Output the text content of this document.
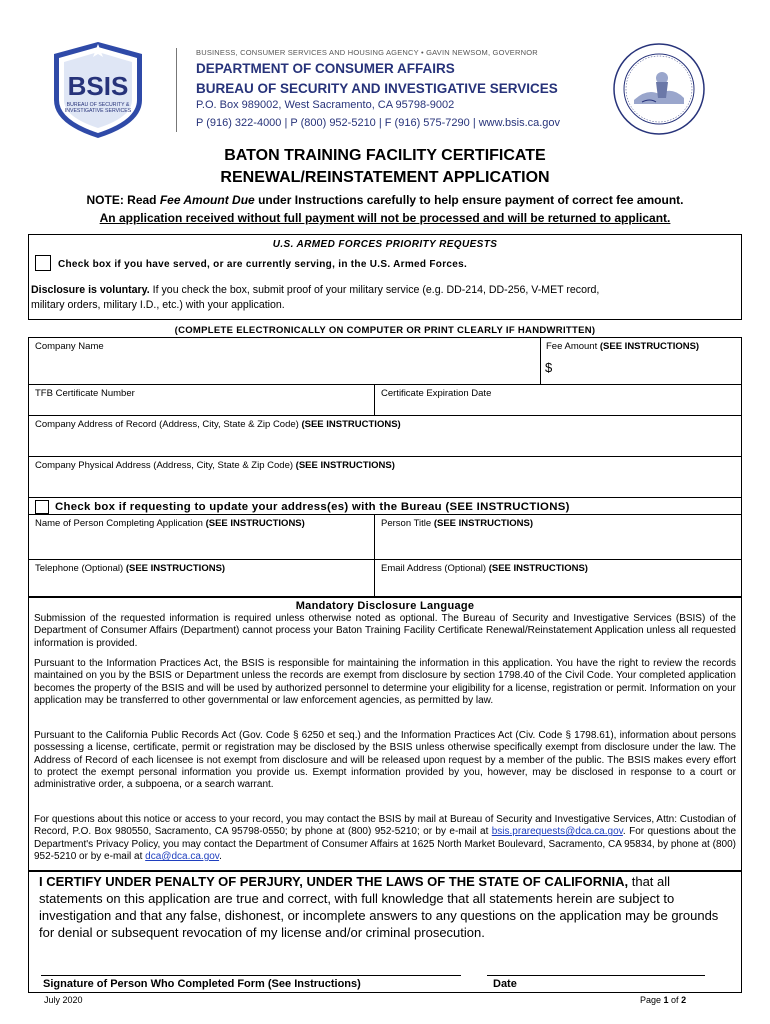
BSIS
BUREAU OF SECURITY &
INVESTIGATIVE SERVICES
BUSINESS, CONSUMER SERVICES AND HOUSING AGENCY • GAVIN NEWSOM, GOVERNOR
DEPARTMENT OF CONSUMER AFFAIRS
BUREAU OF SECURITY AND INVESTIGATIVE SERVICES
P.O. Box 989002, West Sacramento, CA 95798-9002
P (916) 322-4000 | P (800) 952-5210 | F (916) 575-7290 | www.bsis.ca.gov
BATON TRAINING FACILITY CERTIFICATE
RENEWAL/REINSTATEMENT APPLICATION
NOTE: Read Fee Amount Due under Instructions carefully to help ensure payment of correct fee amount.
An application received without full payment will not be processed and will be returned to applicant.
U.S. ARMED FORCES PRIORITY REQUESTS
Check box if you have served, or are currently serving, in the U.S. Armed Forces.
Disclosure is voluntary. If you check the box, submit proof of your military service (e.g. DD-214, DD-256, V-MET record,
military orders, military I.D., etc.) with your application.
(COMPLETE ELECTRONICALLY ON COMPUTER OR PRINT CLEARLY IF HANDWRITTEN)
Company Name	Fee Amount (SEE INSTRUCTIONS)
$
TFB Certificate Number	Certificate Expiration Date
Company Address of Record (Address, City, State & Zip Code) (SEE INSTRUCTIONS)
Company Physical Address (Address, City, State & Zip Code) (SEE INSTRUCTIONS)
Check box if requesting to update your address(es) with the Bureau (SEE INSTRUCTIONS)
Name of Person Completing Application (SEE INSTRUCTIONS)	Person Title (SEE INSTRUCTIONS)
Telephone (Optional) (SEE INSTRUCTIONS)	Email Address (Optional) (SEE INSTRUCTIONS)
Mandatory Disclosure Language
Submission of the requested information is required unless otherwise noted as optional. The Bureau of Security and Investigative Services (BSIS) of the Department of Consumer Affairs (Department) cannot process your Baton Training Facility Certificate Renewal/Reinstatement Application unless all requested information is provided.
Pursuant to the Information Practices Act, the BSIS is responsible for maintaining the information in this application. You have the right to review the records maintained on you by the BSIS or Department unless the records are exempt from disclosure by section 1798.40 of the Civil Code. Your completed application becomes the property of the BSIS and will be used by authorized personnel to determine your eligibility for a license, registration or permit. Information on your application may be transferred to other governmental or law enforcement agencies, as permitted by law.
Pursuant to the California Public Records Act (Gov. Code § 6250 et seq.) and the Information Practices Act (Civ. Code § 1798.61), information about persons possessing a license, certificate, permit or registration may be disclosed by the BSIS unless otherwise specifically exempt from disclosure under the law. The Address of Record of each licensee is not exempt from disclosure and will be released upon request by a member of the public. The BSIS makes every effort to protect the exempt personal information you provide us. Exempt information provided by you, however, may be disclosed in response to a court or administrative order, a subpoena, or a search warrant.
For questions about this notice or access to your record, you may contact the BSIS by mail at Bureau of Security and Investigative Services, Attn: Custodian of Record, P.O. Box 980550, Sacramento, CA 95798-0550; by phone at (800) 952-5210; or by e-mail at bsis.prarequests@dca.ca.gov. For questions about the Department's Privacy Policy, you may contact the Department of Consumer Affairs at 1625 North Market Boulevard, Sacramento, CA 95834, by phone at (800) 952-5210 or by e-mail at dca@dca.ca.gov.
I CERTIFY UNDER PENALTY OF PERJURY, UNDER THE LAWS OF THE STATE OF CALIFORNIA, that all statements on this application are true and correct, with full knowledge that all statements herein are subject to investigation and that any false, dishonest, or incomplete answers to any questions on the application may be grounds for denial or subsequent revocation of my license and/or criminal prosecution.
Signature of Person Who Completed Form (See Instructions)	Date
July 2020	Page 1 of 2
